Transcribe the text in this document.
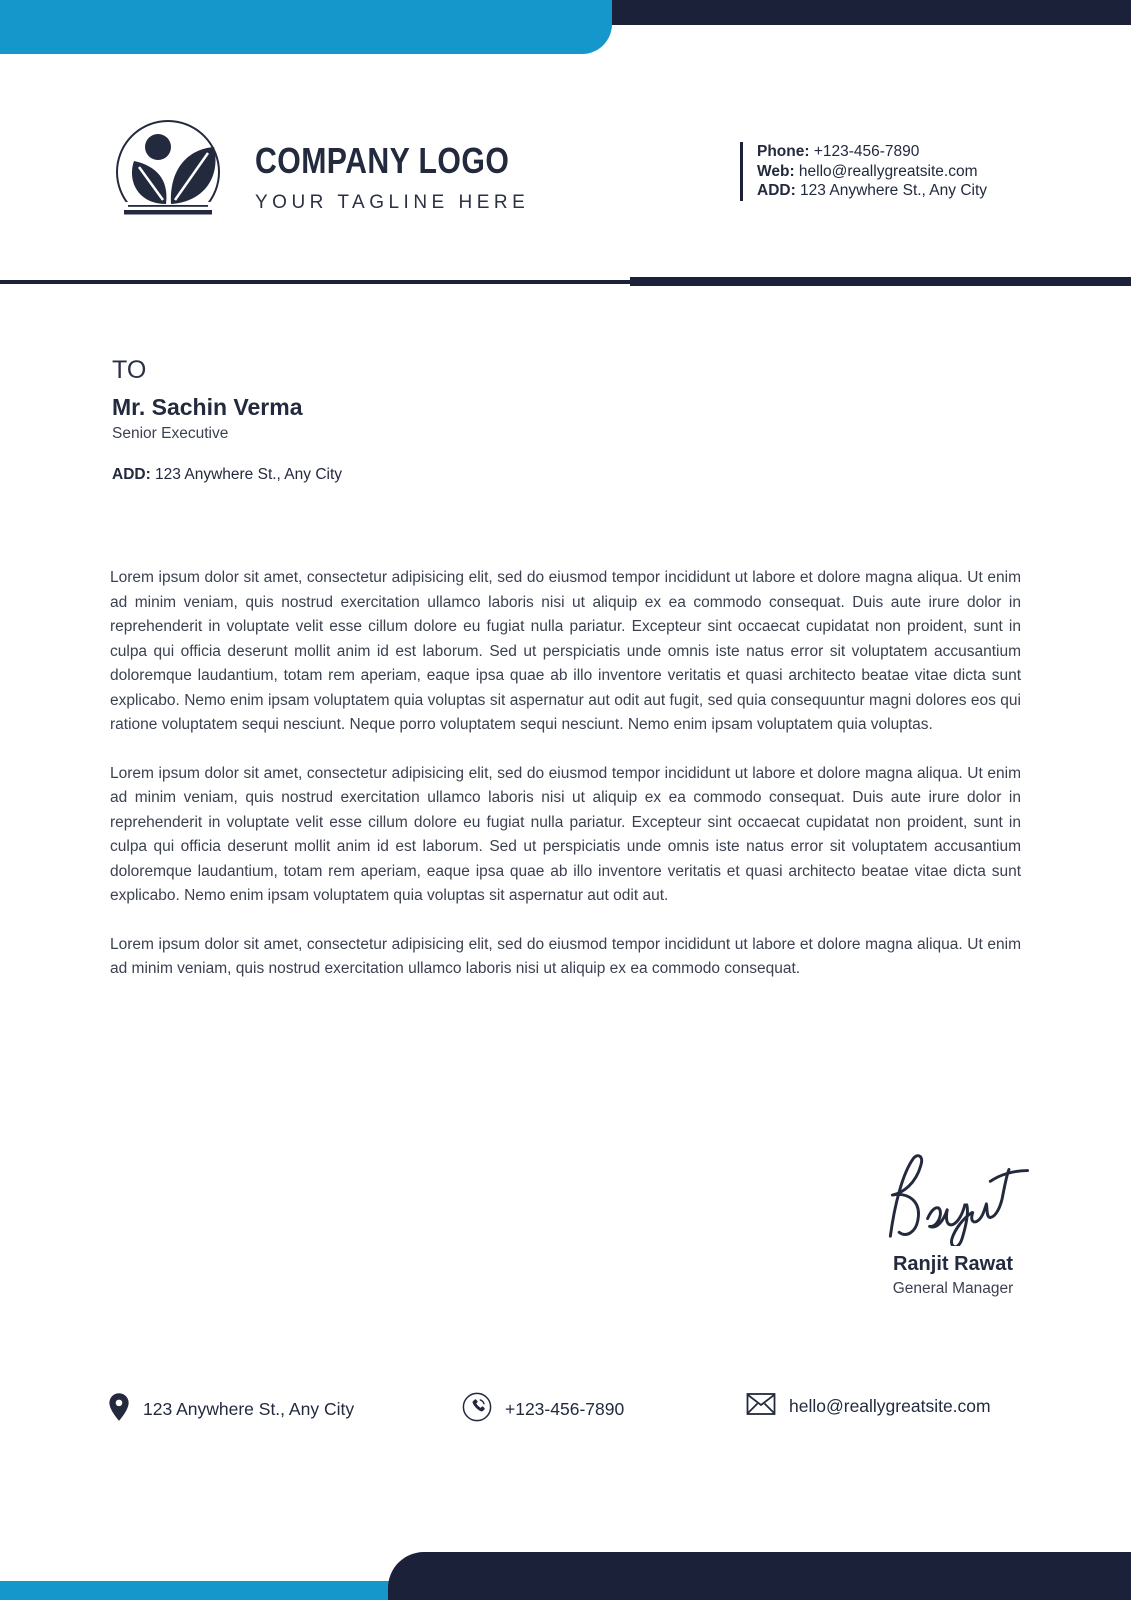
COMPANY LOGO
YOUR TAGLINE HERE
Phone: +123-456-7890
Web: hello@reallygreatsite.com
ADD: 123 Anywhere St., Any City
TO
Mr. Sachin Verma
Senior Executive
ADD: 123 Anywhere St., Any City

Lorem ipsum dolor sit amet, consectetur adipisicing elit, sed do eiusmod tempor incididunt ut labore et dolore magna aliqua. Ut enim ad minim veniam, quis nostrud exercitation ullamco laboris nisi ut aliquip ex ea commodo consequat. Duis aute irure dolor in reprehenderit in voluptate velit esse cillum dolore eu fugiat nulla pariatur. Excepteur sint occaecat cupidatat non proident, sunt in culpa qui officia deserunt mollit anim id est laborum. Sed ut perspiciatis unde omnis iste natus error sit voluptatem accusantium doloremque laudantium, totam rem aperiam, eaque ipsa quae ab illo inventore veritatis et quasi architecto beatae vitae dicta sunt explicabo. Nemo enim ipsam voluptatem quia voluptas sit aspernatur aut odit aut fugit, sed quia consequuntur magni dolores eos qui ratione voluptatem sequi nesciunt. Neque porro voluptatem sequi nesciunt. Nemo enim ipsam voluptatem quia voluptas.

Lorem ipsum dolor sit amet, consectetur adipisicing elit, sed do eiusmod tempor incididunt ut labore et dolore magna aliqua. Ut enim ad minim veniam, quis nostrud exercitation ullamco laboris nisi ut aliquip ex ea commodo consequat. Duis aute irure dolor in reprehenderit in voluptate velit esse cillum dolore eu fugiat nulla pariatur. Excepteur sint occaecat cupidatat non proident, sunt in culpa qui officia deserunt mollit anim id est laborum. Sed ut perspiciatis unde omnis iste natus error sit voluptatem accusantium doloremque laudantium, totam rem aperiam, eaque ipsa quae ab illo inventore veritatis et quasi architecto beatae vitae dicta sunt explicabo. Nemo enim ipsam voluptatem quia voluptas sit aspernatur aut odit aut.

Lorem ipsum dolor sit amet, consectetur adipisicing elit, sed do eiusmod tempor incididunt ut labore et dolore magna aliqua. Ut enim ad minim veniam, quis nostrud exercitation ullamco laboris nisi ut aliquip ex ea commodo consequat.

Ranjit Rawat
General Manager
123 Anywhere St., Any City	+123-456-7890	hello@reallygreatsite.com
